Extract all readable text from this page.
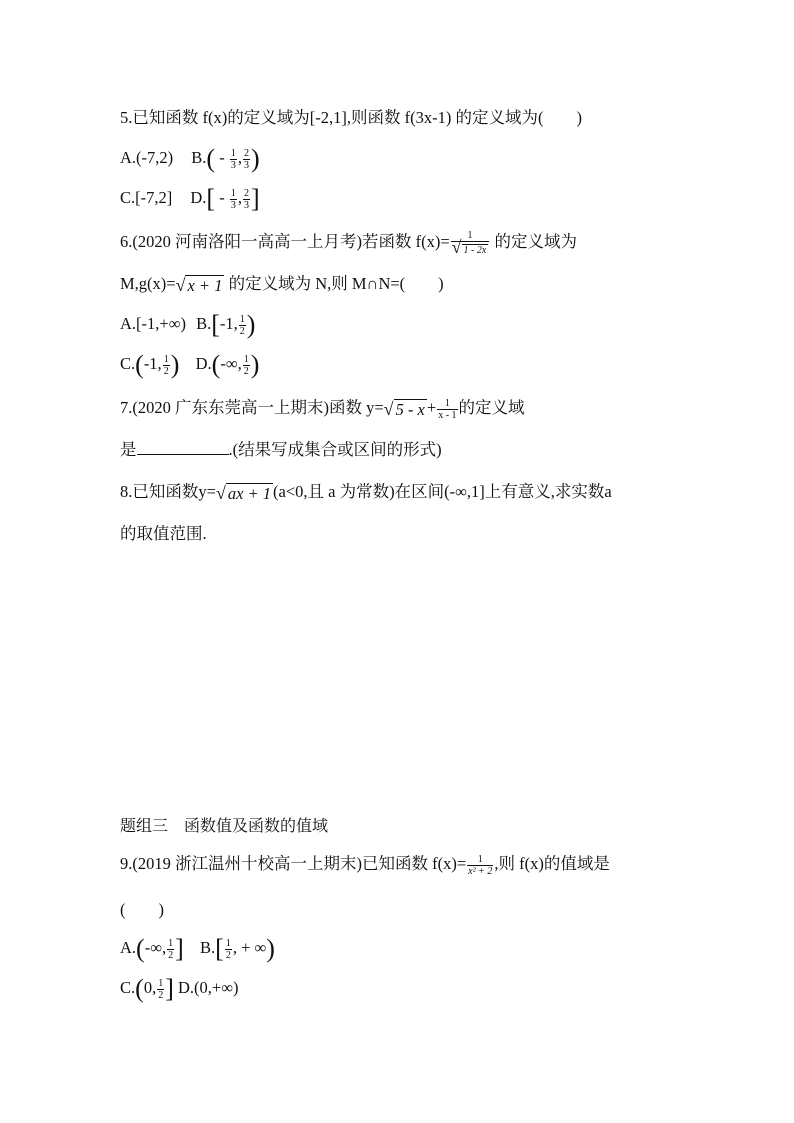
5.已知函数 f(x)的定义域为[-2,1],则函数 f(3x-1) 的定义域为(　　)
A.(-7,2) $B.( - \frac{1}{3}$ , $\frac{2}{3}$ )
C.[-7,2] $D.[ - \frac{1}{3}$ , $\frac{2}{3}$ ]
6.(2020 河南洛阳一高高一上月考)若函数 $f(x)= \frac{1}{√ 1 - 2x}$ 的定义域为
M,g(x)=√ x + 1 的定义域为 N,则 M∩N=(　　)
A.[-1,+∞) B.[-1, $\frac{1}{2}$ )
C.(-1, $\frac{1}{2}$ ) D.(-∞, $\frac{1}{2}$ )
7.(2020 广东东莞高一上期末)函数 y=√ $5 - x + \frac{1}{x - 1}$ 的定义域
是	.(结果写成集合或区间的形式)
8.已知函数y=√ ax + 1 (a<0,且 a 为常数)在区间(-∞,1]上有意义,求实数a
的取值范围.
题组三　函数值及函数的值域
9.(2019 浙江温州十校高一上期末)已知函数 $f(x)= \frac{1}{\text{x² + 2}}$ ,则 f(x)的值域是
(　　)
A.(-∞, $\frac{1}{2}$ ] $B.[ \frac{1}{2}$ , + ∞)
C.(0, $\frac{1}{2}$ ] D.(0,+∞)
